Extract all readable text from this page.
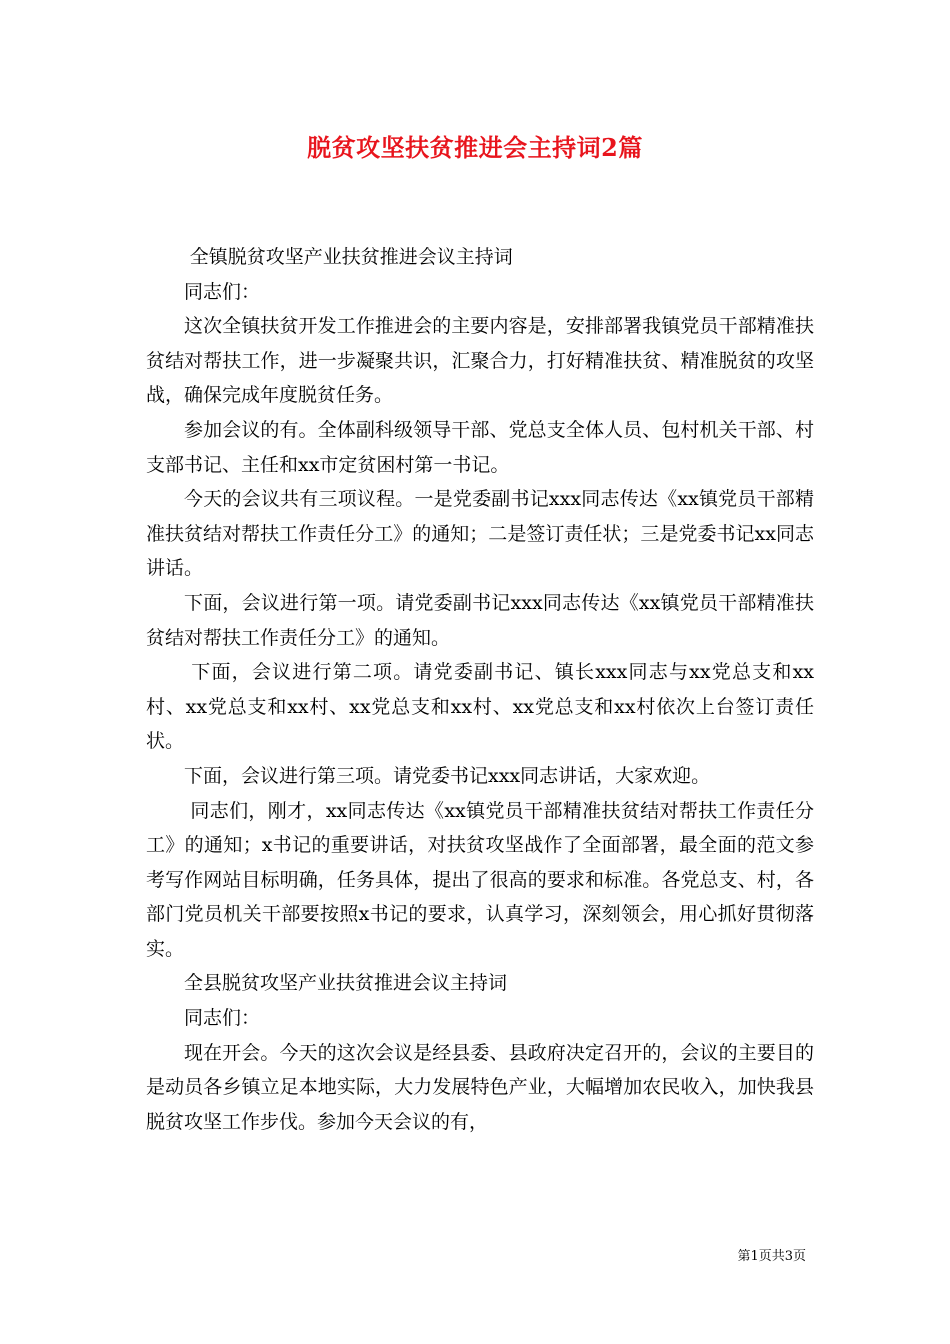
脱贫攻坚扶贫推进会主持词2篇

全镇脱贫攻坚产业扶贫推进会议主持词

同志们：

这次全镇扶贫开发工作推进会的主要内容是，安排部署我镇党员干部精准扶贫结对帮扶工作，进一步凝聚共识，汇聚合力，打好精准扶贫、精准脱贫的攻坚战，确保完成年度脱贫任务。

参加会议的有。全体副科级领导干部、党总支全体人员、包村机关干部、村支部书记、主任和xx市定贫困村第一书记。

今天的会议共有三项议程。一是党委副书记xxx同志传达《xx镇党员干部精准扶贫结对帮扶工作责任分工》的通知；二是签订责任状；三是党委书记xx同志讲话。

下面，会议进行第一项。请党委副书记xxx同志传达《xx镇党员干部精准扶贫结对帮扶工作责任分工》的通知。

下面，会议进行第二项。请党委副书记、镇长xxx同志与xx党总支和xx村、xx党总支和xx村、xx党总支和xx村、xx党总支和xx村依次上台签订责任状。

下面，会议进行第三项。请党委书记xxx同志讲话，大家欢迎。

同志们，刚才，xx同志传达《xx镇党员干部精准扶贫结对帮扶工作责任分工》的通知；x书记的重要讲话，对扶贫攻坚战作了全面部署，最全面的范文参考写作网站目标明确，任务具体，提出了很高的要求和标准。各党总支、村，各部门党员机关干部要按照x书记的要求，认真学习，深刻领会，用心抓好贯彻落实。

全县脱贫攻坚产业扶贫推进会议主持词

同志们：

现在开会。今天的这次会议是经县委、县政府决定召开的，会议的主要目的是动员各乡镇立足本地实际，大力发展特色产业，大幅增加农民收入，加快我县脱贫攻坚工作步伐。参加今天会议的有，

第1页共3页
